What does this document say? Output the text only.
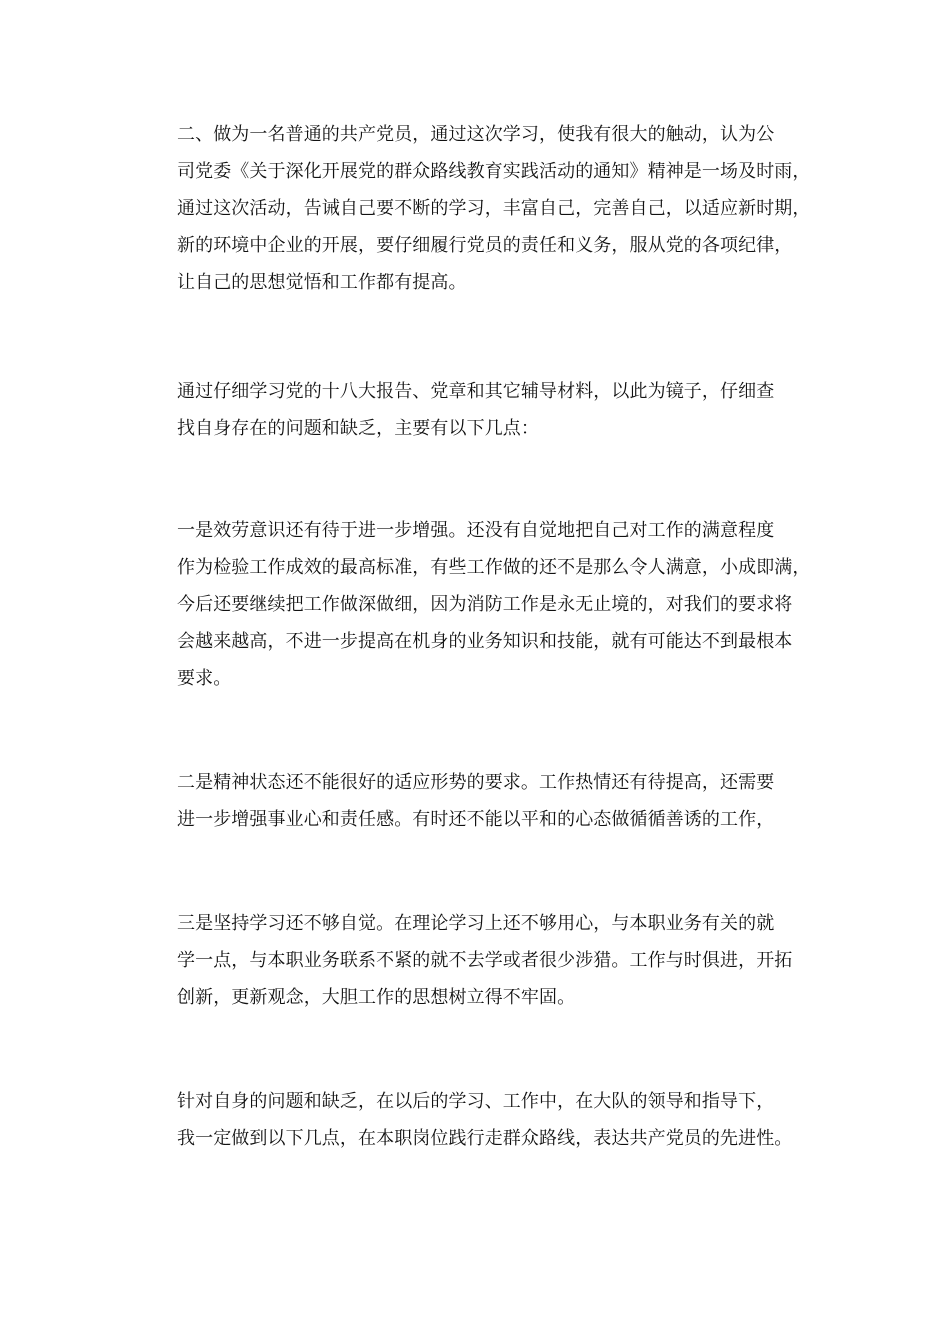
二、做为一名普通的共产党员，通过这次学习，使我有很大的触动，认为公
司党委《关于深化开展党的群众路线教育实践活动的通知》精神是一场及时雨，
通过这次活动，告诫自己要不断的学习，丰富自己，完善自己，以适应新时期，
新的环境中企业的开展，要仔细履行党员的责任和义务，服从党的各项纪律，
让自己的思想觉悟和工作都有提高。

通过仔细学习党的十八大报告、党章和其它辅导材料，以此为镜子，仔细查
找自身存在的问题和缺乏，主要有以下几点：

一是效劳意识还有待于进一步增强。还没有自觉地把自己对工作的满意程度
作为检验工作成效的最高标准，有些工作做的还不是那么令人满意，小成即满，
今后还要继续把工作做深做细，因为消防工作是永无止境的，对我们的要求将
会越来越高，不进一步提高在机身的业务知识和技能，就有可能达不到最根本
要求。

二是精神状态还不能很好的适应形势的要求。工作热情还有待提高，还需要
进一步增强事业心和责任感。有时还不能以平和的心态做循循善诱的工作，

三是坚持学习还不够自觉。在理论学习上还不够用心，与本职业务有关的就
学一点，与本职业务联系不紧的就不去学或者很少涉猎。工作与时俱进，开拓
创新，更新观念，大胆工作的思想树立得不牢固。

针对自身的问题和缺乏，在以后的学习、工作中，在大队的领导和指导下，
我一定做到以下几点，在本职岗位践行走群众路线，表达共产党员的先进性。
